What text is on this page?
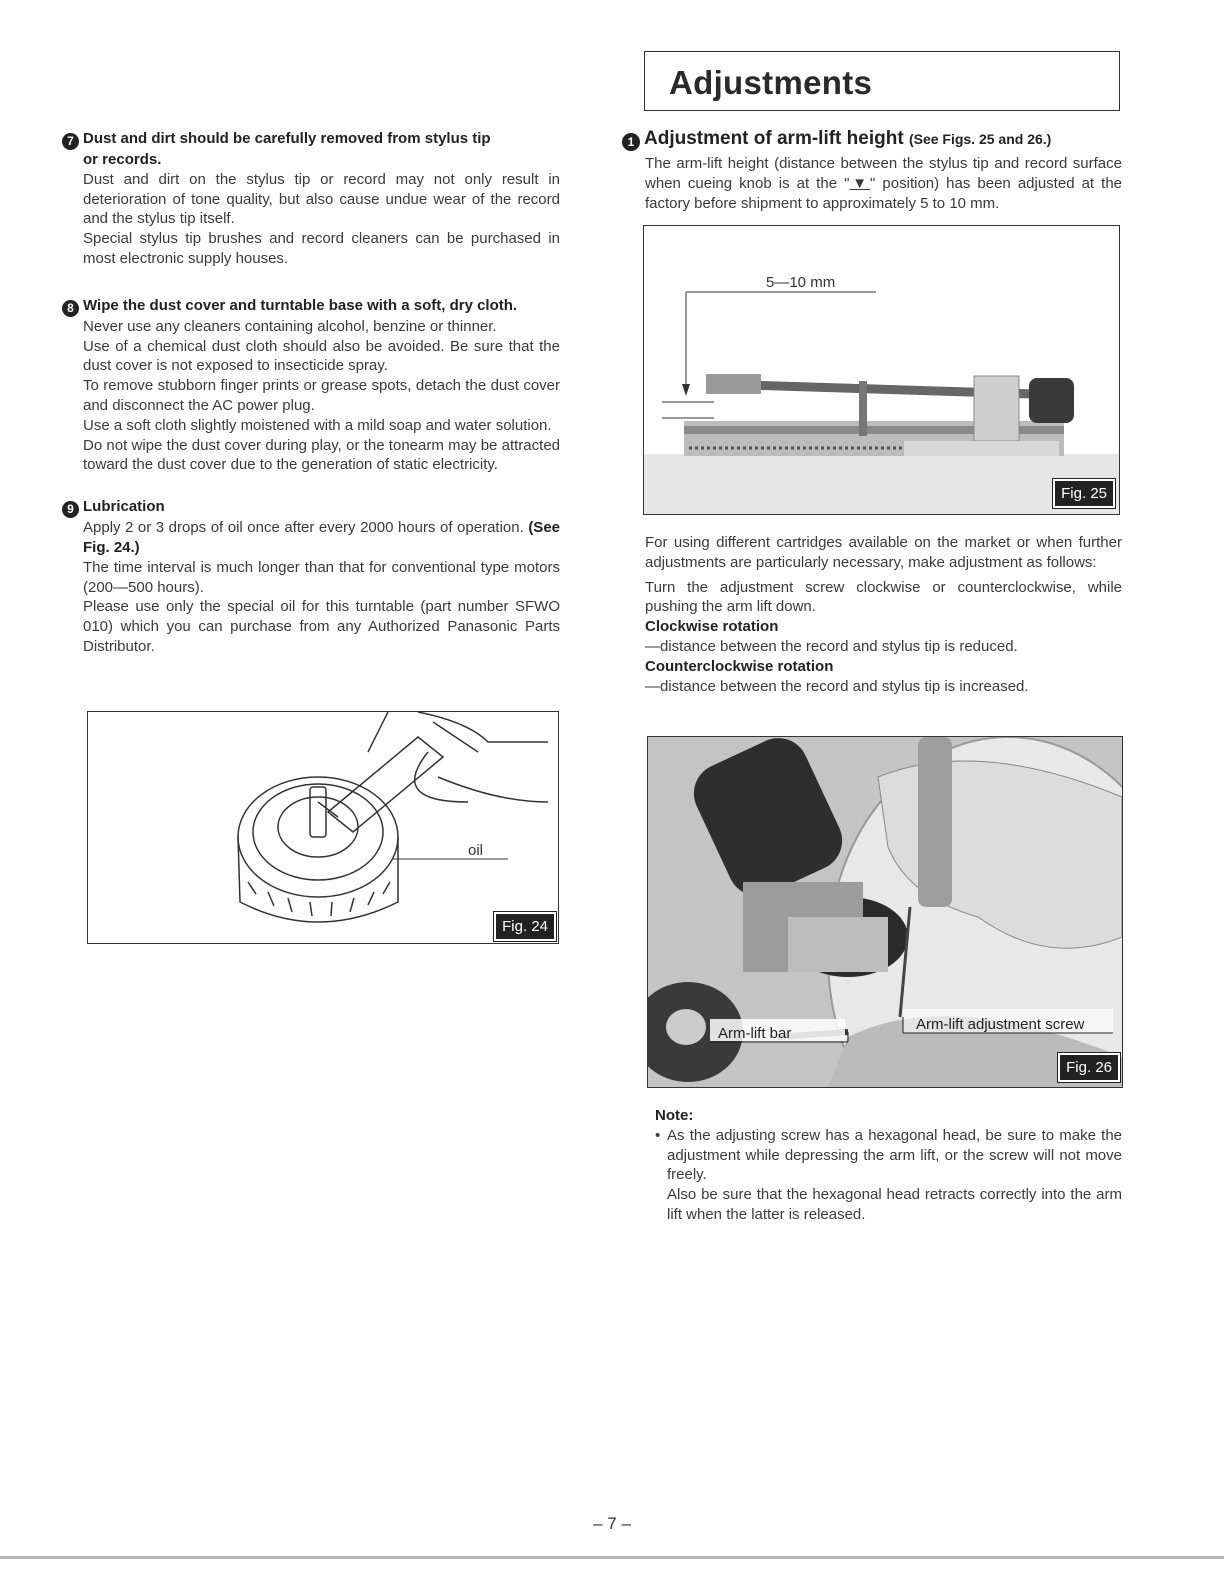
Adjustments

7 Dust and dirt should be carefully removed from stylus tip

or records.

Dust and dirt on the stylus tip or record may not only result in deterioration of tone quality, but also cause undue wear of the record and the stylus tip itself.

Special stylus tip brushes and record cleaners can be purchased in most electronic supply houses.

8 Wipe the dust cover and turntable base with a soft, dry cloth.

Never use any cleaners containing alcohol, benzine or thinner.

Use of a chemical dust cloth should also be avoided. Be sure that the dust cover is not exposed to insecticide spray.

To remove stubborn finger prints or grease spots, detach the dust cover and disconnect the AC power plug.

Use a soft cloth slightly moistened with a mild soap and water solution.

Do not wipe the dust cover during play, or the tonearm may be attracted toward the dust cover due to the generation of static electricity.

9 Lubrication

Apply 2 or 3 drops of oil once after every 2000 hours of operation. (See Fig. 24.)

The time interval is much longer than that for conventional type motors (200—500 hours).

Please use only the special oil for this turntable (part number SFWO 010) which you can purchase from any Authorized Panasonic Parts Distributor.

oil
Fig. 24

1 Adjustment of arm-lift height (See Figs. 25 and 26.)

The arm-lift height (distance between the stylus tip and record surface when cueing knob is at the "▼" position) has been adjusted at the factory before shipment to approximately 5 to 10 mm.

5—10 mm
Fig. 25

For using different cartridges available on the market or when further adjustments are particularly necessary, make adjustment as follows:

Turn the adjustment screw clockwise or counterclockwise, while pushing the arm lift down.

Clockwise rotation

—distance between the record and stylus tip is reduced.

Counterclockwise rotation

—distance between the record and stylus tip is increased.

Arm-lift bar
Arm-lift adjustment screw
Fig. 26

Note:

• As the adjusting screw has a hexagonal head, be sure to make the adjustment while depressing the arm lift, or the screw will not move freely.

Also be sure that the hexagonal head retracts correctly into the arm lift when the latter is released.

– 7 –
